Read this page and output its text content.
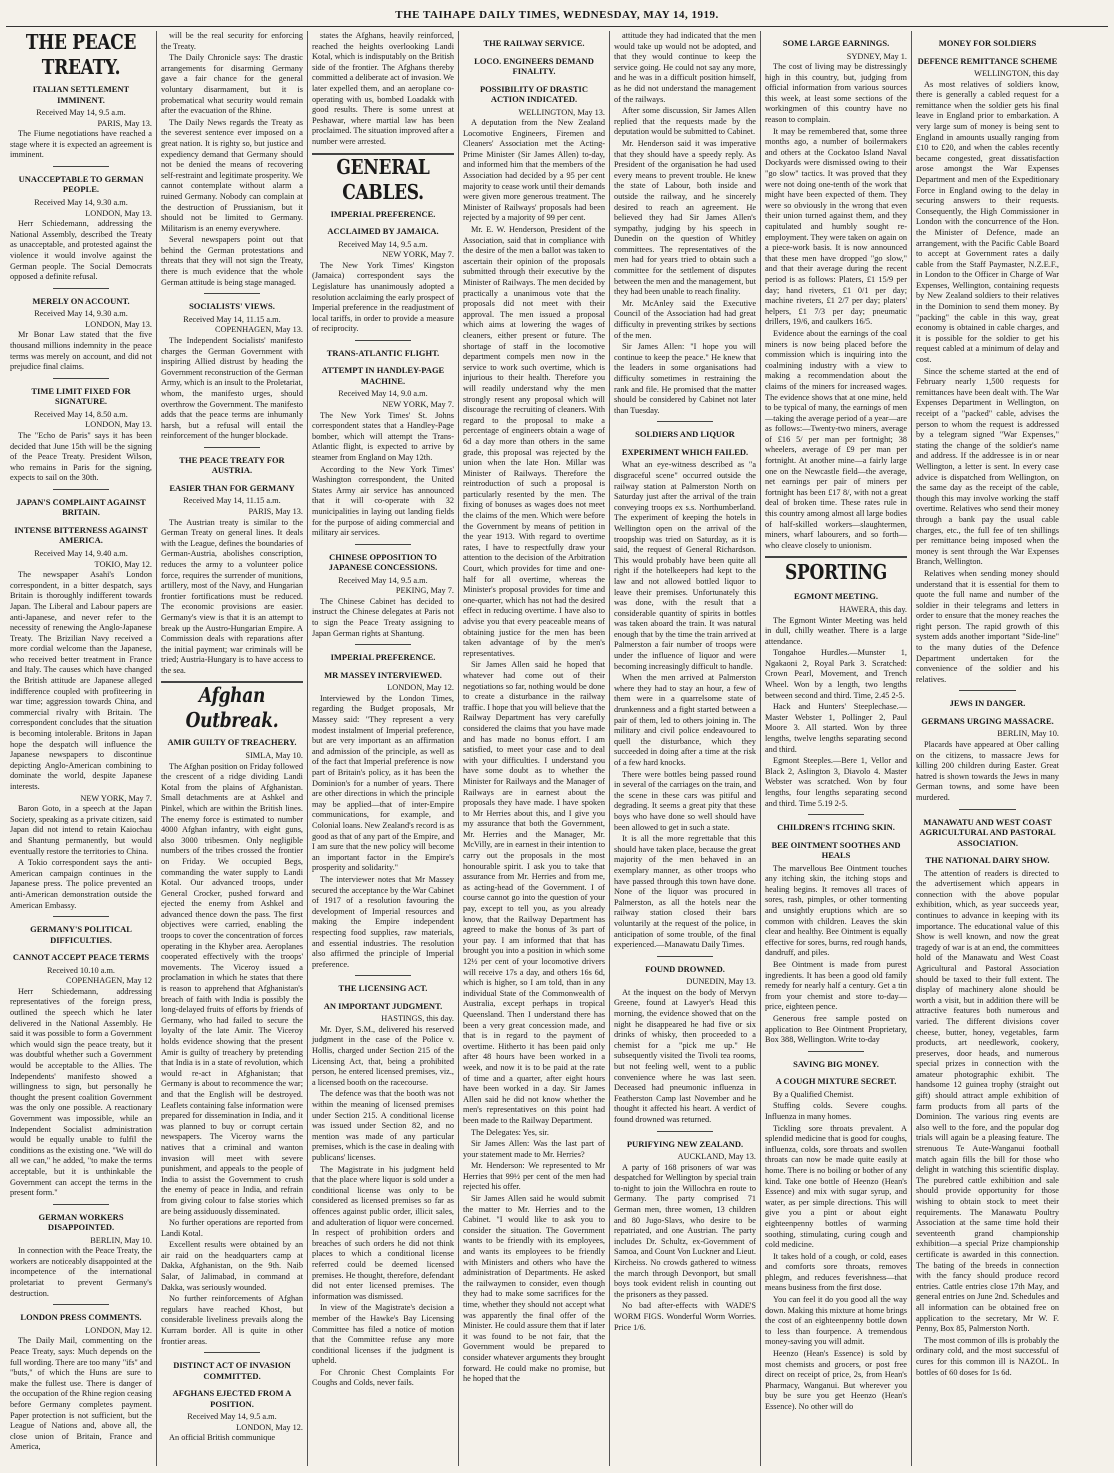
THE TAIHAPE DAILY TIMES, WEDNESDAY, MAY 14, 1919.
THE PEACE TREATY.
ITALIAN SETTLEMENT IMMINENT.
Received May 14, 9.5 a.m.
PARIS, May 13.

The Fiume negotiations have reached a stage where it is expected an agreement is imminent.

UNACCEPTABLE TO GERMAN PEOPLE.
Received May 14, 9.30 a.m.
LONDON, May 13.

Herr Schiedemann, addressing the National Assembly, described the Treaty as unacceptable, and protested against the violence it would involve against the German people. The Social Democrats opposed a definite refusal.

MERELY ON ACCOUNT.
Received May 14, 9.30 a.m.
LONDON, May 13.

Mr Bonar Law stated that the five thousand millions indemnity in the peace terms was merely on account, and did not prejudice final claims.

TIME LIMIT FIXED FOR SIGNATURE.
Received May 14, 8.50 a.m.
LONDON, May 13.

The "Echo de Paris" says it has been decided that June 15th will be the signing of the Peace Treaty. President Wilson, who remains in Paris for the signing, expects to sail on the 30th.

JAPAN'S COMPLAINT AGAINST BRITAIN.
INTENSE BITTERNESS AGAINST AMERICA.
Received May 14, 9.40 a.m.
TOKIO, May 12.

The newspaper Asahi's London correspondent, in a bitter despatch, says Britain is thoroughly indifferent towards Japan. The Liberal and Labour papers are anti-Japanese, and never refer to the necessity of renewing the Anglo-Japanese Treaty. The Brizilian Navy received a more cordial welcome than the Japanese, who received better treatment in France and Italy. The causes which have changed the British attitude are Japanese alleged indifference coupled with profiteering in war time; aggression towards China, and commercial rivalry with Britain. The correspondent concludes that the situation is becoming intolerable. Britons in Japan hope the despatch will influence the Japanese newspapers to discontinue depicting Anglo-American combining to dominate the world, despite Japanese interests.

NEW YORK, May 7.

Baron Goto, in a speech at the Japan Society, speaking as a private citizen, said Japan did not intend to retain Kaiochau and Shantung permanently, but would eventually restore the territories to China.

A Tokio correspondent says the anti-American campaign continues in the Japanese press. The police prevented an anti-American demonstration outside the American Embassy.

GERMANY'S POLITICAL DIFFICULTIES.
CANNOT ACCEPT PEACE TERMS
Received 10.10 a.m.
COPENHAGEN, May 12

Herr Schiedemann, addressing representatives of the foreign press, outlined the speech which he later delivered in the National Assembly. He said it was possible to form a Government which would sign the peace treaty, but it was doubtful whether such a Government would be acceptable to the Allies. The Independents' manifesto showed a willingness to sign, but personally he thought the present coalition Government was the only one possible. A reactionary Government was impossible, while an Independent Socialist administration would be equally unable to fulfil the conditions as the existing one. "We will do all we can," he added, "to make the terms acceptable, but it is unthinkable the Government can accept the terms in the present form."

GERMAN WORKERS DISAPPOINTED.
BERLIN, May 10.

In connection with the Peace Treaty, the workers are noticeably disappointed at the incompetence of the international proletariat to prevent Germany's destruction.

LONDON PRESS COMMENTS.
LONDON, May 12.

The Daily Mail, commenting on the Peace Treaty, says: Much depends on the full wording. There are too many "ifs" and "buts," of which the Huns are sure to make the fullest use. There is danger of the occupation of the Rhine region ceasing before Germany completes payment. Paper protection is not sufficient, but the League of Nations and, above all, the close union of Britain, France and America,

will be the real security for enforcing the Treaty.

The Daily Chronicle says: The drastic arrangements for disarming Germany gave a fair chance for the general voluntary disarmament, but it is probematical what security would remain after the evacuation of the Rhine.

The Daily News regards the Treaty as the severest sentence ever imposed on a great nation. It is righty so, but justice and expediency demand that Germany should not be denied the means of recovering self-restraint and legitimate prosperity. We cannot contemplate without alarm a ruined Germany. Nobody can complain at the destruction of Prussianism, but it should not be limited to Germany. Militarism is an enemy everywhere.

Several newspapers point out that behind the German protestations and threats that they will not sign the Treaty, there is much evidence that the whole German attitude is being stage managed.

SOCIALISTS' VIEWS.
Received May 14, 11.15 a.m.
COPENHAGEN, May 13.

The Independent Socialists' manifesto charges the German Government with inspiring Allied distrust by heading the Government reconstruction of the German Army, which is an insult to the Proletariat, whom, the manifesto urges, should overthrow the Government. The manifesto adds that the peace terms are inhumanly harsh, but a refusal will entail the reinforcement of the hunger blockade.

THE PEACE TREATY FOR AUSTRIA.
EASIER THAN FOR GERMANY
Received May 14, 11.15 a.m.
PARIS, May 13.

The Austrian treaty is similar to the German Treaty on general lines. It deals with the League, defines the boundaries of German-Austria, abolishes conscription, reduces the army to a volunteer police force, requires the surrender of munitions, artillery, most of the Navy, and Hungarian frontier fortifications must be reduced. The economic provisions are easier. Germany's view is that it is an attempt to break up the Austro-Hungarian Empire. A Commission deals with reparations after the initial payment; war criminals will be tried; Austria-Hungary is to have access to the sea.

Afghan Outbreak.
AMIR GUILTY OF TREACHERY.
SIMLA, May 10.

The Afghan position on Friday followed the crescent of a ridge dividing Landi Kotal from the plains of Afghanistan. Small detachments are at Ashkel and Pinkel, which are within the British lines. The enemy force is estimated to number 4000 Afghan infantry, with eight guns, also 3000 tribesmen. Only negligible numbers of the tribes crossed the frontier on Friday. We occupied Begs, commanding the water supply to Landi Kotal. Our advanced troops, under General Crocker, pushed forward and ejected the enemy from Ashkel and advanced thence down the pass. The first objectives were carried, enabling the troops to cover the concentration of forces operating in the Khyber area. Aeroplanes cooperated effectively with the troops' movements. The Viceroy issued a proclamation in which he states that there is reason to apprehend that Afghanistan's breach of faith with India is possibly the long-delayed fruits of efforts by friends of Germany, who had failed to secure the loyalty of the late Amir. The Viceroy holds evidence showing that the present Amir is guilty of treachery by pretending that India is in a state of revolution, which would re-act in Afghanistan; that Germany is about to recommence the war; and that the English will be destroyed. Leaflets containing false information were prepared for dissemination in India, and it was planned to buy or corrupt certain newspapers. The Viceroy warns the natives that a criminal and wanton invasion will meet with severe punishment, and appeals to the people of India to assist the Government to crush the enemy of peace in India, and refrain from giving colour to false stories which are being assiduously disseminated.

No further operations are reported from Landi Kotal.

Excellent results were obtained by an air raid on the headquarters camp at Dakka, Afghanistan, on the 9th. Naib Salar, of Jalimabad, in command at Dakka, was seriously wounded.

No further reinforcements of Afghan regulars have reached Khost, but considerable liveliness prevails along the Kurram border. All is quite in other frontier areas.

DISTINCT ACT OF INVASION COMMITTED.
AFGHANS EJECTED FROM A POSITION.
Received May 14, 9.5 a.m.
LONDON, May 12.

An official British communique

states the Afghans, heavily reinforced, reached the heights overlooking Landi Kotal, which is indisputably on the British side of the frontier. The Afghans thereby committed a deliberate act of invasion. We later expelled them, and an aeroplane co-operating with us, bombed Loadakk with good results. There is some unrest at Peshawar, where martial law has been proclaimed. The situation improved after a number were arrested.

GENERAL CABLES.
IMPERIAL PREFERENCE.
ACCLAIMED BY JAMAICA.
Received May 14, 9.5 a.m.
NEW YORK, May 7.

The New York Times' Kingston (Jamaica) correspondent says the Legislature has unanimously adopted a resolution acclaiming the early prospect of Imperial preference in the readjustment of local tariffs, in order to provide a measure of reciprocity.

TRANS-ATLANTIC FLIGHT.
ATTEMPT IN HANDLEY-PAGE MACHINE.
Received May 14, 9.0 a.m.
NEW YORK, May 7.

The New York Times' St. Johns correspondent states that a Handley-Page bomber, which will attempt the Trans-Atlantic flight, is expected to arrive by steamer from England on May 12th.

According to the New York Times' Washington correspondent, the United States Army air service has announced that it will co-operate with 32 municipalities in laying out landing fields for the purpose of aiding commercial and military air services.

CHINESE OPPOSITION TO JAPANESE CONCESSIONS.
Received May 14, 9.5 a.m.
PEKING, May 7.

The Chinese Cabinet has decided to instruct the Chinese delegates at Paris not to sign the Peace Treaty assigning to Japan German rights at Shantung.

IMPERIAL PREFERENCE.
MR MASSEY INTERVIEWED.
LONDON, May 12.

Interviewed by the London Times, regarding the Budget proposals, Mr Massey said: "They represent a very modest instalment of Imperial preference, but are very important as an affirmation and admission of the principle, as well as of the fact that Imperial preference is now part of Britain's policy, as it has been the Dominion's for a number of years. There are other directions in which the principle may be applied—that of inter-Empire communications, for example, and Colonial loans. New Zealand's record is as good as that of any part of the Empire, and I am sure that the new policy will become an important factor in the Empire's prosperity and solidarity."

The interviewer notes that Mr Massey secured the acceptance by the War Cabinet of 1917 of a resolution favouring the development of Imperial resources and making the Empire independent respecting food supplies, raw materials, and essential industries. The resolution also affirmed the principle of Imperial preference.

THE LICENSING ACT.
AN IMPORTANT JUDGMENT.
HASTINGS, this day.

Mr. Dyer, S.M., delivered his reserved judgment in the case of the Police v. Hollis, charged under Section 215 of the Licensing Act, that, being a prohibited person, he entered licensed premises, viz., a licensed booth on the racecourse.

The defence was that the booth was not within the meaning of licensed premises under Section 215. A conditional license was issued under Section 82, and no mention was made of any particular premises, which is the case in dealing with publicans' licenses.

The Magistrate in his judgment held that the place where liquor is sold under a conditional license was only to be considered as licensed premises so far as offences against public order, illicit sales, and adulteration of liquor were concerned. In respect of prohibition orders and breaches of such orders he did not think places to which a conditional license referred could be deemed licensed premises. He thought, therefore, defendant did not enter licensed premises. The information was dismissed.

In view of the Magistrate's decision a member of the Hawke's Bay Licensing Committee has filed a notice of motion that the Committee refuse any more conditional licenses if the judgment is upheld.

For Chronic Chest Complaints For Coughs and Colds, never fails.

THE RAILWAY SERVICE.
LOCO. ENGINEERS DEMAND FINALITY.
POSSIBILITY OF DRASTIC ACTION INDICATED.
WELLINGTON, May 13.

A deputation from the New Zealand Locomotive Engineers, Firemen and Cleaners' Association met the Acting-Prime Minister (Sir James Allen) to-day, and informed him that the members of the Association had decided by a 95 per cent majority to cease work until their demands were given more generous treatment. The Minister of Railways' proposals had been rejected by a majority of 99 per cent.

Mr. E. W. Henderson, President of the Association, said that in compliance with the desire of the men a ballot was taken to ascertain their opinion of the proposals submitted through their executive by the Minister of Railways. The men decided by practically a unanimous vote that the proposals did not meet with their approval. The men issued a proposal which aims at lowering the wages of cleaners, either present or future. The shortage of staff in the locomotive department compels men now in the service to work such overtime, which is injurious to their health. Therefore you will readily understand why the men strongly resent any proposal which will discourage the recruiting of cleaners. With regard to the proposal to make a percentage of engineers obtain a wage of 6d a day more than others in the same grade, this proposal was rejected by the union when the late Hon. Millar was Minister of Railways. Therefore the reintroduction of such a proposal is particularly resented by the men. The fixing of bonuses as wages does not meet the claims of the men. Which were before the Government by means of petition in the year 1913. With regard to overtime rates, I have to respectfully draw your attention to the decision of the Arbitration Court, which provides for time and one-half for all overtime, whereas the Minister's proposal provides for time and one-quarter, which has not had the desired effect in reducing overtime. I have also to advise you that every peaceable means of obtaining justice for the men has been taken advantage of by the men's representatives.

Sir James Allen said he hoped that whatever had come out of their negotiations so far, nothing would be done to create a disturbance in the railway traffic. I hope that you will believe that the Railway Department has very carefully considered the claims that you have made and has made no bonus effort. I am satisfied, to meet your case and to deal with your difficulties. I understand you have some doubt as to whether the Minister for Railways and the Manager of Railways are in earnest about the proposals they have made. I have spoken to Mr Herries about this, and I give you my assurance that both the Government, Mr. Herries and the Manager, Mr. McVilly, are in earnest in their intention to carry out the proposals in the most honourable spirit. I ask you to take that assurance from Mr. Herries and from me, as acting-head of the Government. I of course cannot go into the question of your pay, except to tell you, as you already know, that the Railway Department has agreed to make the bonus of 3s part of your pay. I am informed that that has brought you into a position in which some 12½ per cent of your locomotive drivers will receive 17s a day, and others 16s 6d, which is higher, so I am told, than in any individual State of the Commonwealth of Australia, except perhaps in tropical Queensland. Then I understand there has been a very great concession made, and that is in regard to the payment of overtime. Hitherto it has been paid only after 48 hours have been worked in a week, and now it is to be paid at the rate of time and a quarter, after eight hours have been worked in a day. Sir James Allen said he did not know whether the men's representatives on this point had been made to the Railway Department.

The Delegates: Yes, sir.

Sir James Allen: Was the last part of your statement made to Mr. Herries?

Mr. Henderson: We represented to Mr Herries that 99½ per cent of the men had rejected his offer.

Sir James Allen said he would submit the matter to Mr. Herries and to the Cabinet. "I would like to ask you to consider the situation. The Government wants to be friendly with its employees, and wants its employees to be friendly with Ministers and others who have the administration of Departments. He asked the railwaymen to consider, even though they had to make some sacrifices for the time, whether they should not accept what was apparently the final offer of the Minister. He could assure them that if later it was found to be not fair, that the Government would be prepared to consider whatever arguments they brought forward. He could make no promise, but he hoped that the

attitude they had indicated that the men would take up would not be adopted, and that they would continue to keep the service going. He could not say any more, and he was in a difficult position himself, as he did not understand the management of the railways.

After some discussion, Sir James Allen replied that the requests made by the deputation would be submitted to Cabinet.

Mr. Henderson said it was imperative that they should have a speedy reply. As President of the organisation he had used every means to prevent trouble. He knew the state of Labour, both inside and outside the railway, and he sincerely desired to reach an agreement. He believed they had Sir James Allen's sympathy, judging by his speech in Dunedin on the question of Whitley committees. The representatives of the men had for years tried to obtain such a committee for the settlement of disputes between the men and the management, but they had been unable to reach finality.

Mr. McAnley said the Executive Council of the Association had had great difficulty in preventing strikes by sections of the men.

Sir James Allen: "I hope you will continue to keep the peace." He knew that the leaders in some organisations had difficulty sometimes in restraining the rank and file. He promised that the matter should be considered by Cabinet not later than Tuesday.

SOLDIERS AND LIQUOR
EXPERIMENT WHICH FAILED.

What an eye-witness described as "a disgraceful scene" occurred outside the railway station at Palmerston North on Saturday just after the arrival of the train conveying troops ex s.s. Northumberland. The experiment of keeping the hotels in Wellington open on the arrival of the troopship was tried on Saturday, as it is said, the request of General Richardson. This would probably have been quite all right if the hotelkeepers had kept to the law and not allowed bottled liquor to leave their premises. Unfortunately this was done, with the result that a considerable quantity of spirits in bottles was taken aboard the train. It was natural enough that by the time the train arrived at Palmerston a fair number of troops were under the influence of liquor and were becoming increasingly difficult to handle.

When the men arrived at Palmerston where they had to stay an hour, a few of them were in a quarrelsome state of drunkenness and a fight started between a pair of them, led to others joining in. The military and civil police endeavoured to quell the disturbance, which they succeeded in doing after a time at the risk of a few hard knocks.

There were bottles being passed round in several of the carriages on the train, and the scene in these cars was pitiful and degrading. It seems a great pity that these boys who have done so well should have been allowed to get in such a state.

It is all the more regrettable that this should have taken place, because the great majority of the men behaved in an exemplary manner, as other troops who have passed through this town have done. None of the liquor was procured in Palmerston, as all the hotels near the railway station closed their bars voluntarily at the request of the police, in anticipation of some trouble, of the final experienced.—Manawatu Daily Times.

FOUND DROWNED.
DUNEDIN, May 13.

At the inquest on the body of Mervyn Greene, found at Lawyer's Head this morning, the evidence showed that on the night he disappeared he had five or six drinks of whisky, then proceeded to a chemist for a "pick me up." He subsequently visited the Tivoli tea rooms, but not feeling well, went to a public convenience where he was last seen. Deceased had pneumonic influenza in Featherston Camp last November and he thought it affected his heart. A verdict of found drowned was returned.

PURIFYING NEW ZEALAND.
AUCKLAND, May 13.

A party of 168 prisoners of war was despatched for Wellington by special train to-night to join the Willochra en route to Germany. The party comprised 71 German men, three women, 13 children and 80 Jugo-Slavs, who desire to be repatriated, and one Austrian. The party includes Dr. Schultz, ex-Government of Samoa, and Count Von Luckner and Lieut. Kircheiss. No crowds gathered to witness the march through Devonport, but small boys took evident relish in counting out the prisoners as they passed.

No bad after-effects with WADE'S WORM FIGS. Wonderful Worm Worries. Price 1/6.

SOME LARGE EARNINGS.
SYDNEY, May 1.

The cost of living may be distressingly high in this country, but, judging from official information from various sources this week, at least some sections of the workingmen of this country have no reason to complain.

It may be remembered that, some three months ago, a number of boilermakers and others at the Cockatoo Island Naval Dockyards were dismissed owing to their "go slow" tactics. It was proved that they were not doing one-tenth of the work that might have been expected of them. They were so obviously in the wrong that even their union turned against them, and they capitulated and humbly sought re-employment. They were taken on again on a piece-work basis. It is now announced that these men have dropped "go slow," and that their average during the recent period is as follows: Platers, £1 15/9 per day; hand riveters, £1 0/1 per day; machine riveters, £1 2/7 per day; platers' helpers, £1 7/3 per day; pneumatic drillers, 19/6, and caulkers 16/5.

Evidence about the earnings of the coal miners is now being placed before the commission which is inquiring into the coalmining industry with a view to making a recommendation about the claims of the miners for increased wages. The evidence shows that at one mine, held to be typical of many, the earnings of men—taking the average period of a year—are as follows:—Twenty-two miners, average of £16 5/ per man per fortnight; 38 wheelers, average of £9 per man per fortnight. At another mine—a fairly large one on the Newcastle field—the average, net earnings per pair of miners per fortnight has been £17 8/, with not a great deal of broken time. These rates rule in this country among almost all large bodies of half-skilled workers—slaughtermen, miners, wharf labourers, and so forth—who cleave closely to unionism.

SPORTING
EGMONT MEETING.
HAWERA, this day.

The Egmont Winter Meeting was held in dull, chilly weather. There is a large attendance.

Tongahoe Hurdles.—Munster 1, Ngakaoni 2, Royal Park 3. Scratched: Crown Pearl, Movement, and Trench Wheel. Won by a length, two lengths between second and third. Time, 2.45 2-5.

Hack and Hunters' Steeplechase.—Master Webster 1, Pollinger 2, Paul Moore 3. All started. Won by three lengths, twelve lengths separating second and third.

Egmont Steeples.—Bere 1, Vellor and Black 2, Aslington 3, Diavolo 4. Master Webster was scratched. Won by four lengths, four lengths separating second and third. Time 5.19 2-5.

CHILDREN'S ITCHING SKIN.
BEE OINTMENT SOOTHES AND HEALS

The marvellous Bee Ointment touches any itching skin, the itching stops and healing begins. It removes all traces of sores, rash, pimples, or other tormenting and unsightly eruptions which are so common with children. Leaves the skin clear and healthy. Bee Ointment is equally effective for sores, burns, red rough hands, dandruff, and piles.

Bee Ointment is made from purest ingredients. It has been a good old family remedy for nearly half a century. Get a tin from your chemist and store to-day—price, eighteen pence.

Generous free sample posted on application to Bee Ointment Proprietary, Box 388, Wellington. Write to-day

SAVING BIG MONEY.
A COUGH MIXTURE SECRET.

By a Qualified Chemist.

Stuffing colds. Severe coughs. Influenza in many homes.

Tickling sore throats prevalent. A splendid medicine that is good for coughs, influenza, colds, sore throats and swollen throats can now be made quite easily at home. There is no boiling or bother of any kind. Take one bottle of Heenzo (Hean's Essence) and mix with sugar syrup, and water, as per simple directions. This will give you a pint or about eight eighteenpenny bottles of warming soothing, stimulating, curing cough and cold medicine.

It takes hold of a cough, or cold, eases and comforts sore throats, removes phlegm, and reduces feverishness—that means business from the first dose.

You can feel it do you good all the way down. Making this mixture at home brings the cost of an eighteenpenny bottle down to less than fourpence. A tremendous money-saving you will admit.

Heenzo (Hean's Essence) is sold by most chemists and grocers, or post free direct on receipt of price, 2s, from Hean's Pharmacy, Wanganui. But wherever you buy be sure you get Heenzo (Hean's Essence). No other will do

MONEY FOR SOLDIERS
DEFENCE REMITTANCE SCHEME
WELLINGTON, this day

As most relatives of soldiers know, there is generally a cabled request for a remittance when the soldier gets his final leave in England prior to embarkation. A very large sum of money is being sent to England in amounts usually ranging from £10 to £20, and when the cables recently became congested, great dissatisfaction arose amongst the War Expenses Department and men of the Expeditionary Force in England owing to the delay in securing answers to their requests. Consequently, the High Commissioner in London with the concurrence of the Hon. the Minister of Defence, made an arrangement, with the Pacific Cable Board to accept at Government rates a daily cable from the Staff Paymaster, N.Z.E.F., in London to the Officer in Charge of War Expenses, Wellington, containing requests by New Zealand soldiers to their relatives in the Dominion to send them money. By "packing" the cable in this way, great economy is obtained in cable charges, and it is possible for the soldier to get his request cabled at a minimum of delay and cost.

Since the scheme started at the end of February nearly 1,500 requests for remittances have been dealt with. The War Expenses Department in Wellington, on receipt of a "packed" cable, advises the person to whom the request is addressed by a telegram signed "War Expenses," stating the change of the soldier's name and address. If the addressee is in or near Wellington, a letter is sent. In every case advice is dispatched from Wellington, on the same day as the receipt of the cable, though this may involve working the staff overtime. Relatives who send their money through a bank pay the usual cable charges, etc., the full fee of ten shillings per remittance being imposed when the money is sent through the War Expenses Branch, Wellington.

Relatives when sending money should understand that it is essential for them to quote the full name and number of the soldier in their telegrams and letters in order to ensure that the money reaches the right person. The rapid growth of this system adds another important "Side-line" to the many duties of the Defence Department undertaken for the convenience of the soldier and his relatives.

JEWS IN DANGER.
GERMANS URGING MASSACRE.
BERLIN, May 10.

Placards have appeared at Ober calling on the citizens, to massacre Jews for killing 200 children during Easter. Great hatred is shown towards the Jews in many German towns, and some have been murdered.

MANAWATU AND WEST COAST AGRICULTURAL AND PASTORAL ASSOCIATION.
THE NATIONAL DAIRY SHOW.

The attention of readers is directed to the advertisement which appears in connection with the above popular exhibition, which, as year succeeds year, continues to advance in keeping with its importance. The educational value of this Show is well known, and now the great tragedy of war is at an end, the committees hold of the Manawatu and West Coast Agricultural and Pastoral Association should be taxed to their full extent. The display of machinery alone should be worth a visit, but in addition there will be attractive features both numerous and varied. The different divisions cover cheese, butter, honey, vegetables, farm products, art needlework, cookery, preserves, door heads, and numerous special prizes in connection with the amateur photographic exhibit. The handsome 12 guinea trophy (straight out gift) should attract ample exhibition of farm products from all parts of the Dominion. The various ring events are also well to the fore, and the popular dog trials will again be a pleasing feature. The strenuous Te Aute-Wanganui football match again fills the bill for those who delight in watching this scientific display. The purebred cattle exhibition and sale should provide opportunity for those wishing to obtain stock to meet their requirements. The Manawatu Poultry Association at the same time hold their seventeenth grand championship exhibition—a special Prize championship certificate is awarded in this connection. The bating of the breeds in connection with the fancy should produce record entries. Cattle entries close 17th May, and general entries on June 2nd. Schedules and all information can be obtained free on application to the secretary, Mr W. F. Penny, Box 85, Palmerston North.

The most common of ills is probably the ordinary cold, and the most successful of cures for this common ill is NAZOL. In bottles of 60 doses for 1s 6d.
